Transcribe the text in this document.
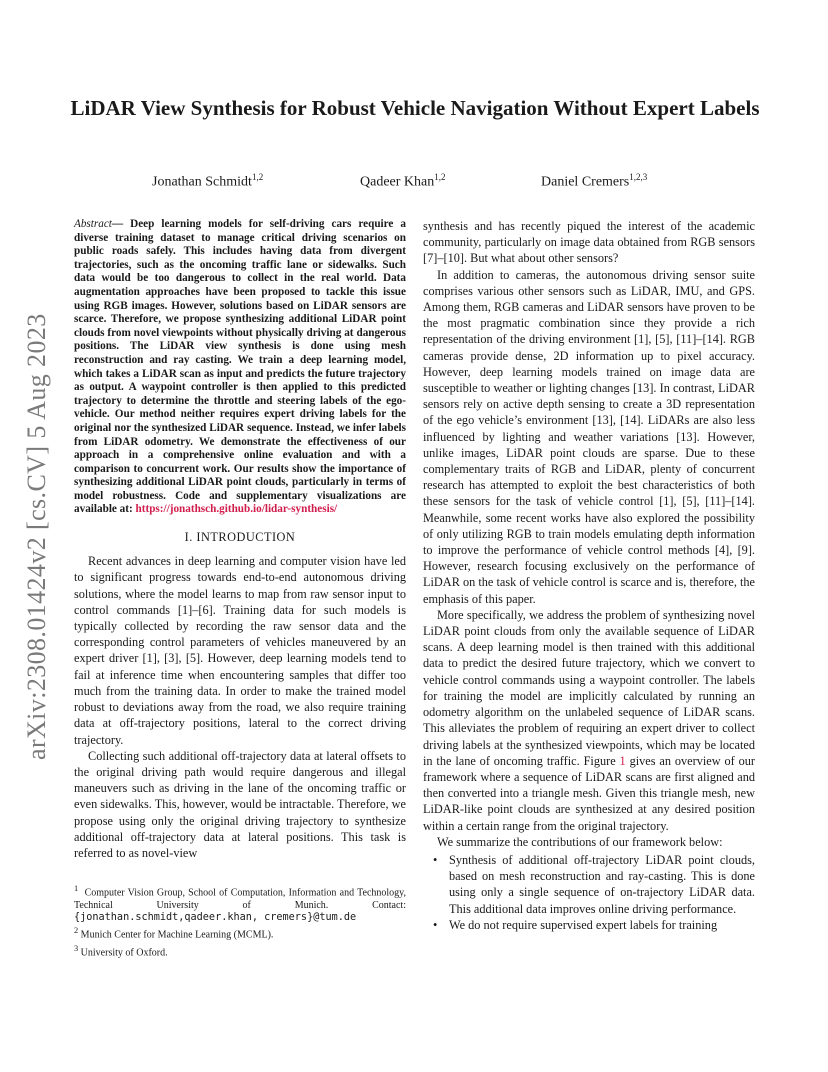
arXiv:2308.01424v2 [cs.CV] 5 Aug 2023
LiDAR View Synthesis for Robust Vehicle Navigation Without Expert Labels
Jonathan Schmidt$^{1,2}$	Qadeer Khan$^{1,2}$	Daniel Cremers$^{1,2,3}$

Abstract— Deep learning models for self-driving cars require a diverse training dataset to manage critical driving scenarios on public roads safely. This includes having data from divergent trajectories, such as the oncoming traffic lane or sidewalks. Such data would be too dangerous to collect in the real world. Data augmentation approaches have been proposed to tackle this issue using RGB images. However, solutions based on LiDAR sensors are scarce. Therefore, we propose synthesizing additional LiDAR point clouds from novel viewpoints without physically driving at dangerous positions. The LiDAR view synthesis is done using mesh reconstruction and ray casting. We train a deep learning model, which takes a LiDAR scan as input and predicts the future trajectory as output. A waypoint controller is then applied to this predicted trajectory to determine the throttle and steering labels of the ego-vehicle. Our method neither requires expert driving labels for the original nor the synthesized LiDAR sequence. Instead, we infer labels from LiDAR odometry. We demonstrate the effectiveness of our approach in a comprehensive online evaluation and with a comparison to concurrent work. Our results show the importance of synthesizing additional LiDAR point clouds, particularly in terms of model robustness. Code and supplementary visualizations are available at: https://jonathsch.github.io/lidar-synthesis/

I. INTRODUCTION

Recent advances in deep learning and computer vision have led to significant progress towards end-to-end autonomous driving solutions, where the model learns to map from raw sensor input to control commands [1]–[6]. Training data for such models is typically collected by recording the raw sensor data and the corresponding control parameters of vehicles maneuvered by an expert driver [1], [3], [5]. However, deep learning models tend to fail at inference time when encountering samples that differ too much from the training data. In order to make the trained model robust to deviations away from the road, we also require training data at off-trajectory positions, lateral to the correct driving trajectory.

Collecting such additional off-trajectory data at lateral offsets to the original driving path would require dangerous and illegal maneuvers such as driving in the lane of the oncoming traffic or even sidewalks. This, however, would be intractable. Therefore, we propose using only the original driving trajectory to synthesize additional off-trajectory data at lateral positions. This task is referred to as novel-view

$^1$ Computer Vision Group, School of Computation, Information and Technology, Technical University of Munich. Contact: {jonathan.schmidt,qadeer.khan, cremers}@tum.de

$^2$ Munich Center for Machine Learning (MCML).

$^3$ University of Oxford.

synthesis and has recently piqued the interest of the academic community, particularly on image data obtained from RGB sensors [7]–[10]. But what about other sensors?

In addition to cameras, the autonomous driving sensor suite comprises various other sensors such as LiDAR, IMU, and GPS. Among them, RGB cameras and LiDAR sensors have proven to be the most pragmatic combination since they provide a rich representation of the driving environment [1], [5], [11]–[14]. RGB cameras provide dense, 2D information up to pixel accuracy. However, deep learning models trained on image data are susceptible to weather or lighting changes [13]. In contrast, LiDAR sensors rely on active depth sensing to create a 3D representation of the ego vehicle’s environment [13], [14]. LiDARs are also less influenced by lighting and weather variations [13]. However, unlike images, LiDAR point clouds are sparse. Due to these complementary traits of RGB and LiDAR, plenty of concurrent research has attempted to exploit the best characteristics of both these sensors for the task of vehicle control [1], [5], [11]–[14]. Meanwhile, some recent works have also explored the possibility of only utilizing RGB to train models emulating depth information to improve the performance of vehicle control methods [4], [9]. However, research focusing exclusively on the performance of LiDAR on the task of vehicle control is scarce and is, therefore, the emphasis of this paper.

More specifically, we address the problem of synthesizing novel LiDAR point clouds from only the available sequence of LiDAR scans. A deep learning model is then trained with this additional data to predict the desired future trajectory, which we convert to vehicle control commands using a waypoint controller. The labels for training the model are implicitly calculated by running an odometry algorithm on the unlabeled sequence of LiDAR scans. This alleviates the problem of requiring an expert driver to collect driving labels at the synthesized viewpoints, which may be located in the lane of oncoming traffic. Figure 1 gives an overview of our framework where a sequence of LiDAR scans are first aligned and then converted into a triangle mesh. Given this triangle mesh, new LiDAR-like point clouds are synthesized at any desired position within a certain range from the original trajectory.

We summarize the contributions of our framework below:

• Synthesis of additional off-trajectory LiDAR point clouds, based on mesh reconstruction and ray-casting. This is done using only a single sequence of on-trajectory LiDAR data. This additional data improves online driving performance.
• We do not require supervised expert labels for training
